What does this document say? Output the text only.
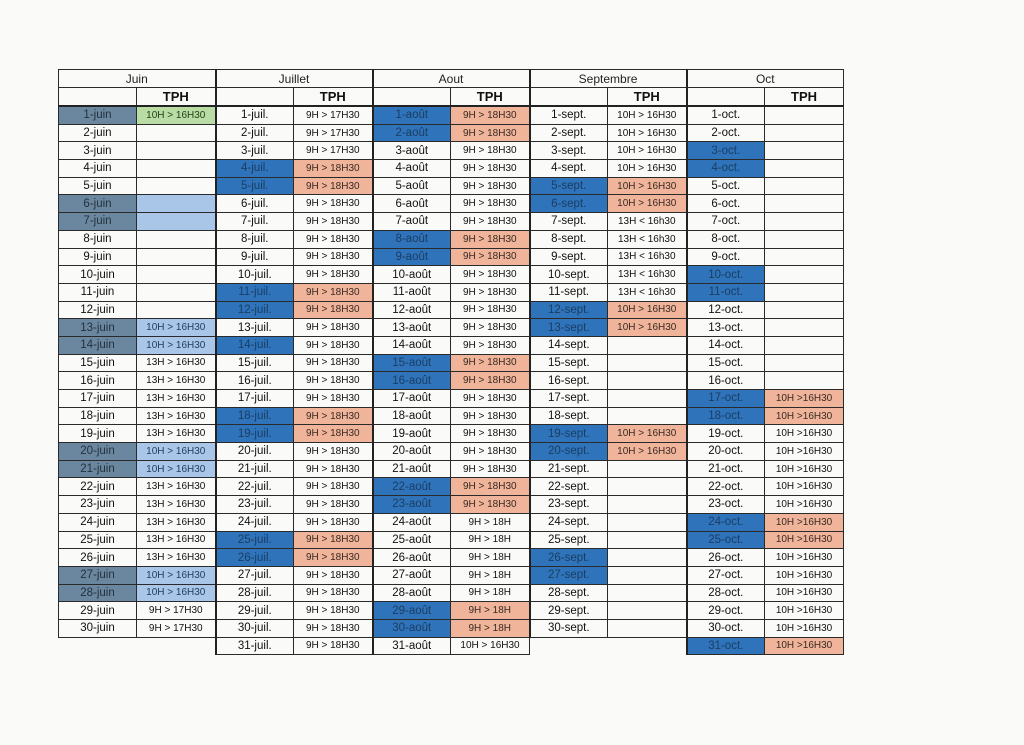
Juin		Juillet		Aout		Septembre		Oct	
	TPH		TPH		TPH		TPH		TPH
1-juin	10H > 16H30	1-juil.	9H > 17H30	1-août	9H > 18H30	1-sept.	10H > 16H30	1-oct.	
2-juin		2-juil.	9H > 17H30	2-août	9H > 18H30	2-sept.	10H > 16H30	2-oct.	
3-juin		3-juil.	9H > 17H30	3-août	9H > 18H30	3-sept.	10H > 16H30	3-oct.	
4-juin		4-juil.	9H > 18H30	4-août	9H > 18H30	4-sept.	10H > 16H30	4-oct.	
5-juin		5-juil.	9H > 18H30	5-août	9H > 18H30	5-sept.	10H > 16H30	5-oct.	
6-juin		6-juil.	9H > 18H30	6-août	9H > 18H30	6-sept.	10H > 16H30	6-oct.	
7-juin		7-juil.	9H > 18H30	7-août	9H > 18H30	7-sept.	13H < 16h30	7-oct.	
8-juin		8-juil.	9H > 18H30	8-août	9H > 18H30	8-sept.	13H < 16h30	8-oct.	
9-juin		9-juil.	9H > 18H30	9-août	9H > 18H30	9-sept.	13H < 16h30	9-oct.	
10-juin		10-juil.	9H > 18H30	10-août	9H > 18H30	10-sept.	13H < 16h30	10-oct.	
11-juin		11-juil.	9H > 18H30	11-août	9H > 18H30	11-sept.	13H < 16h30	11-oct.	
12-juin		12-juil.	9H > 18H30	12-août	9H > 18H30	12-sept.	10H > 16H30	12-oct.	
13-juin	10H > 16H30	13-juil.	9H > 18H30	13-août	9H > 18H30	13-sept.	10H > 16H30	13-oct.	
14-juin	10H > 16H30	14-juil.	9H > 18H30	14-août	9H > 18H30	14-sept.		14-oct.	
15-juin	13H > 16H30	15-juil.	9H > 18H30	15-août	9H > 18H30	15-sept.		15-oct.	
16-juin	13H > 16H30	16-juil.	9H > 18H30	16-août	9H > 18H30	16-sept.		16-oct.	
17-juin	13H > 16H30	17-juil.	9H > 18H30	17-août	9H > 18H30	17-sept.		17-oct.	10H >16H30
18-juin	13H > 16H30	18-juil.	9H > 18H30	18-août	9H > 18H30	18-sept.		18-oct.	10H >16H30
19-juin	13H > 16H30	19-juil.	9H > 18H30	19-août	9H > 18H30	19-sept.	10H > 16H30	19-oct.	10H >16H30
20-juin	10H > 16H30	20-juil.	9H > 18H30	20-août	9H > 18H30	20-sept.	10H > 16H30	20-oct.	10H >16H30
21-juin	10H > 16H30	21-juil.	9H > 18H30	21-août	9H > 18H30	21-sept.		21-oct.	10H >16H30
22-juin	13H > 16H30	22-juil.	9H > 18H30	22-août	9H > 18H30	22-sept.		22-oct.	10H >16H30
23-juin	13H > 16H30	23-juil.	9H > 18H30	23-août	9H > 18H30	23-sept.		23-oct.	10H >16H30
24-juin	13H > 16H30	24-juil.	9H > 18H30	24-août	9H > 18H	24-sept.		24-oct.	10H >16H30
25-juin	13H > 16H30	25-juil.	9H > 18H30	25-août	9H > 18H	25-sept.		25-oct.	10H >16H30
26-juin	13H > 16H30	26-juil.	9H > 18H30	26-août	9H > 18H	26-sept.		26-oct.	10H >16H30
27-juin	10H > 16H30	27-juil.	9H > 18H30	27-août	9H > 18H	27-sept.		27-oct.	10H >16H30
28-juin	10H > 16H30	28-juil.	9H > 18H30	28-août	9H > 18H	28-sept.		28-oct.	10H >16H30
29-juin	9H > 17H30	29-juil.	9H > 18H30	29-août	9H > 18H	29-sept.		29-oct.	10H >16H30
30-juin	9H > 17H30	30-juil.	9H > 18H30	30-août	9H > 18H	30-sept.		30-oct.	10H >16H30
		31-juil.	9H > 18H30	31-août	10H > 16H30			31-oct.	10H >16H30
